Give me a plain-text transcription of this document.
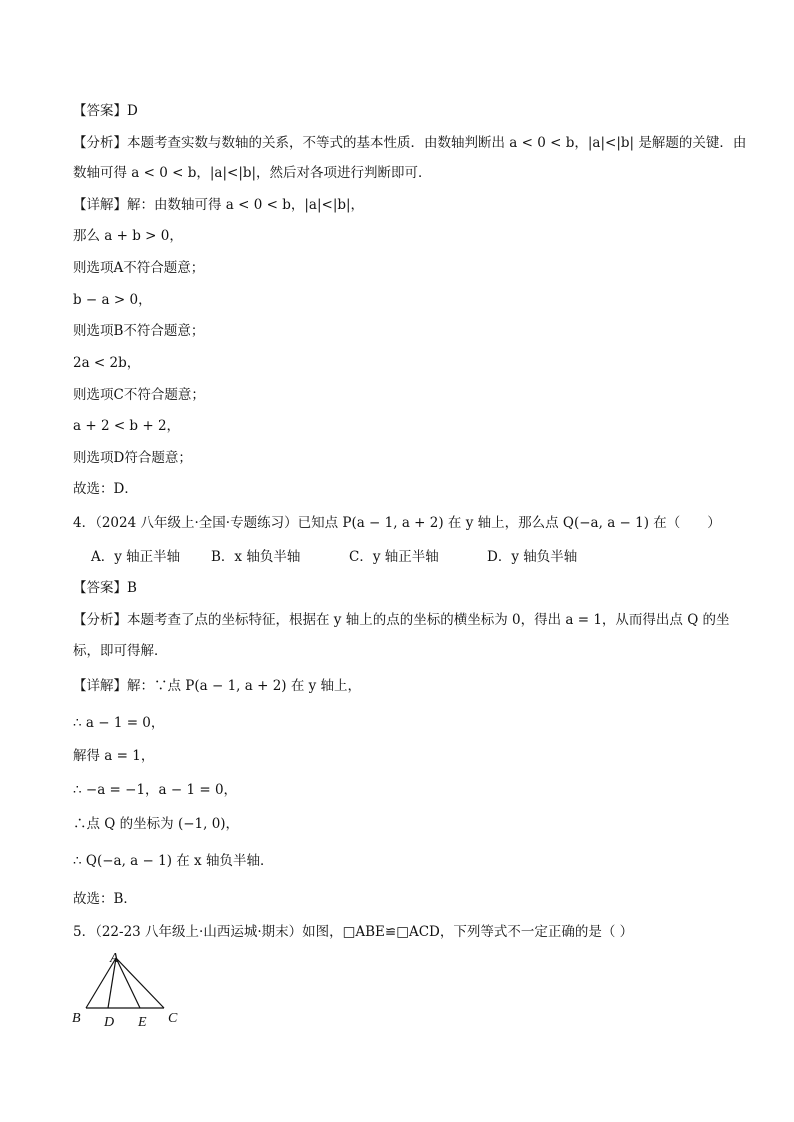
【答案】D
【分析】本题考查实数与数轴的关系，不等式的基本性质．由数轴判断出 a < 0 < b，|a|<|b| 是解题的关键．由
数轴可得 a < 0 < b，|a|<|b|，然后对各项进行判断即可．
【详解】解：由数轴可得 a < 0 < b，|a|<|b|，
那么 a + b > 0，
则选项A不符合题意；
b − a > 0，
则选项B不符合题意；
2a < 2b，
则选项C不符合题意；
a + 2 < b + 2，
则选项D符合题意；
故选：D．
4．（2024 八年级上·全国·专题练习）已知点 P(a − 1, a + 2) 在 y 轴上，那么点 Q(−a, a − 1) 在（　　）
A．y 轴正半轴 B．x 轴负半轴	C．y 轴正半轴	D．y 轴负半轴
【答案】B
【分析】本题考查了点的坐标特征，根据在 y 轴上的点的坐标的横坐标为 0，得出 a = 1，从而得出点 Q 的坐
标，即可得解．
【详解】解：∵点 P(a − 1, a + 2) 在 y 轴上，
∴ a − 1 = 0，
解得 a = 1，
∴ −a = −1，a − 1 = 0，
∴点 Q 的坐标为 (−1, 0)，
∴ Q(−a, a − 1) 在 x 轴负半轴．
故选：B．
5．（22-23 八年级上·山西运城·期末）如图，□ABE≌□ACD，下列等式不一定正确的是（ ）
A
B D E C
